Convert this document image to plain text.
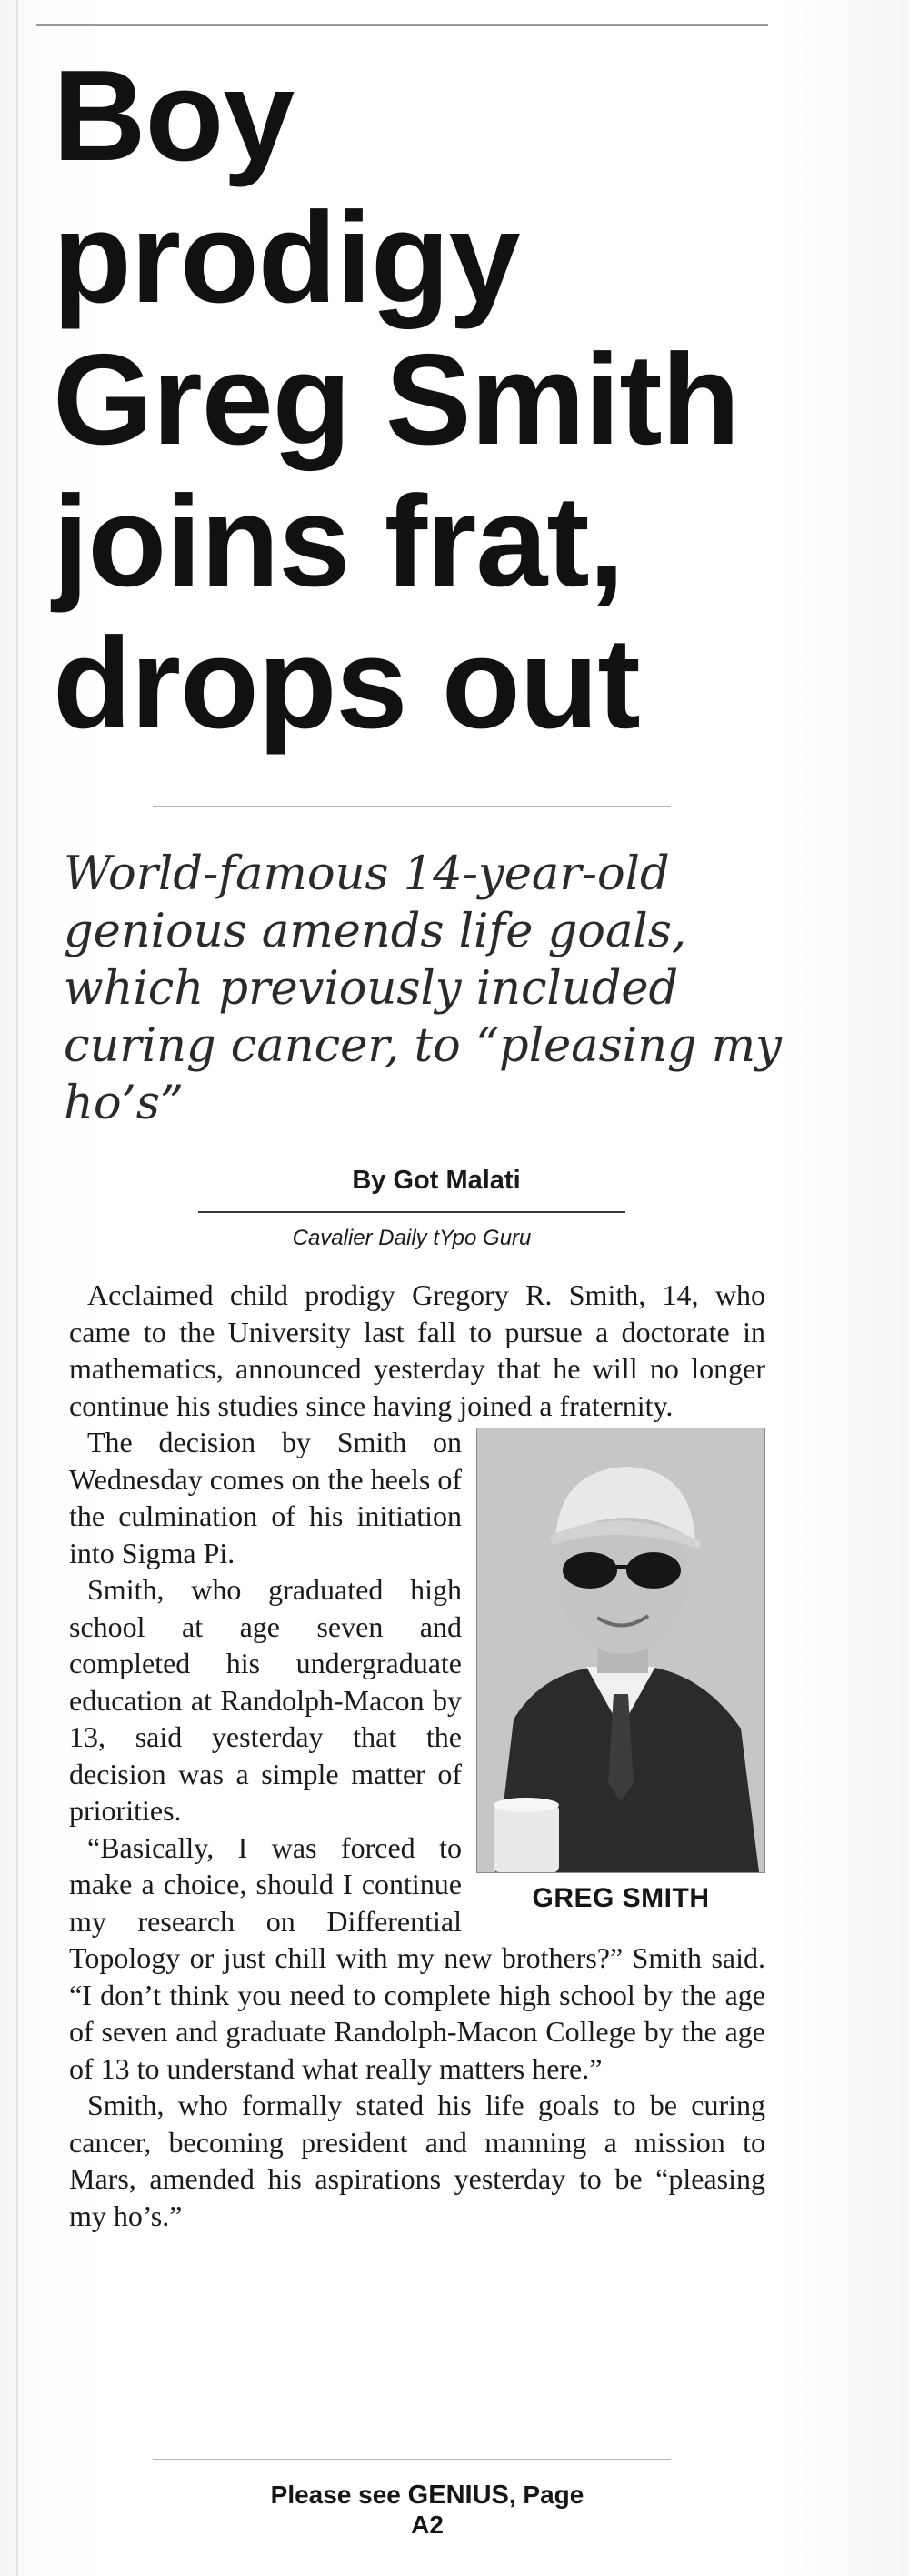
Boy prodigy Greg Smith joins frat, drops out
World-famous 14-year-old genious amends life goals, which previously included curing cancer, to “pleasing my ho’s”
By Got Malati
Cavalier Daily tYpo Guru

Acclaimed child prodigy Gregory R. Smith, 14, who came to the University last fall to pursue a doctorate in mathematics, announced yesterday that he will no longer continue his studies since having joined a fraternity.

GREG SMITH

The decision by Smith on Wednesday comes on the heels of the culmination of his initiation into Sigma Pi.

Smith, who graduated high school at age seven and completed his undergraduate education at Randolph-Macon by 13, said yesterday that the decision was a simple matter of priorities.

“Basically, I was forced to make a choice, should I continue my research on Differential Topology or just chill with my new brothers?” Smith said. “I don’t think you need to complete high school by the age of seven and graduate Randolph-Macon College by the age of 13 to understand what really matters here.”

Smith, who formally stated his life goals to be curing cancer, becoming president and manning a mission to Mars, amended his aspirations yesterday to be “pleasing my ho’s.”

Please see GENIUS, Page A2
